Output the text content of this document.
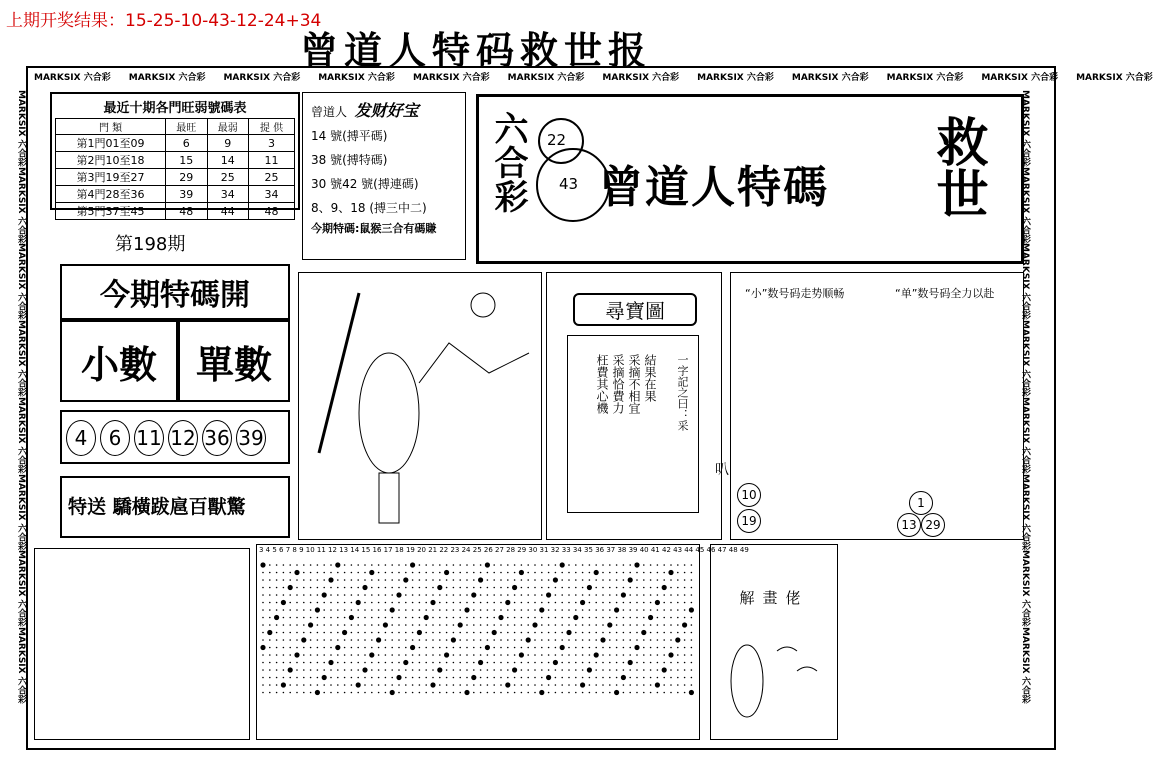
上期开奖结果：15-25-10-43-12-24+34
曾道人特码救世报
MARKSIX 六合彩 MARKSIX 六合彩 MARKSIX 六合彩 MARKSIX 六合彩 MARKSIX 六合彩 MARKSIX 六合彩 MARKSIX 六合彩 MARKSIX 六合彩 MARKSIX 六合彩 MARKSIX 六合彩 MARKSIX 六合彩 MARKSIX 六合彩
MARKSIX 六合彩MARKSIX 六合彩MARKSIX 六合彩MARKSIX 六合彩MARKSIX 六合彩MARKSIX 六合彩MARKSIX 六合彩MARKSIX 六合彩
MARKSIX 六合彩MARKSIX 六合彩MARKSIX 六合彩MARKSIX 六合彩MARKSIX 六合彩MARKSIX 六合彩MARKSIX 六合彩MARKSIX 六合彩
最近十期各門旺弱號碼表
門 類	最旺	最弱	提 供
第1門01至09	6	9	3
第2門10至18	15	14	11
第3門19至27	29	25	25
第4門28至36	39	34	34
第5門37至45	48	44	48
第198期
曾道人 发财好宝
14 號(搏平碼)
38 號(搏特碼)
30 號42 號(搏連碼)
8、9、18 (搏三中二)
今期特碼:鼠猴三合有碼賺
六合彩 22
43 曾道人特碼 救世
今期特碼開
小數	單數
4 6 11 12 36 39
特送 驕橫跋扈百獸驚
尋寶圖
結果在果
采摘不相宜
采摘恰費力
枉費其心機	一字記之曰：采
“小”数号码走势顺畅	“单”数号码全力以赴
10
19
1
13 29
叭
解畫佬
3 4 5 6 7 8 9 10 11 12 13 14 15 16 17 18 19 20 21 22 23 24 25 26 27 28 29 30 31 32 33 34 35 36 37 38 39 40 41 42 43 44 45 46 47 48 49
